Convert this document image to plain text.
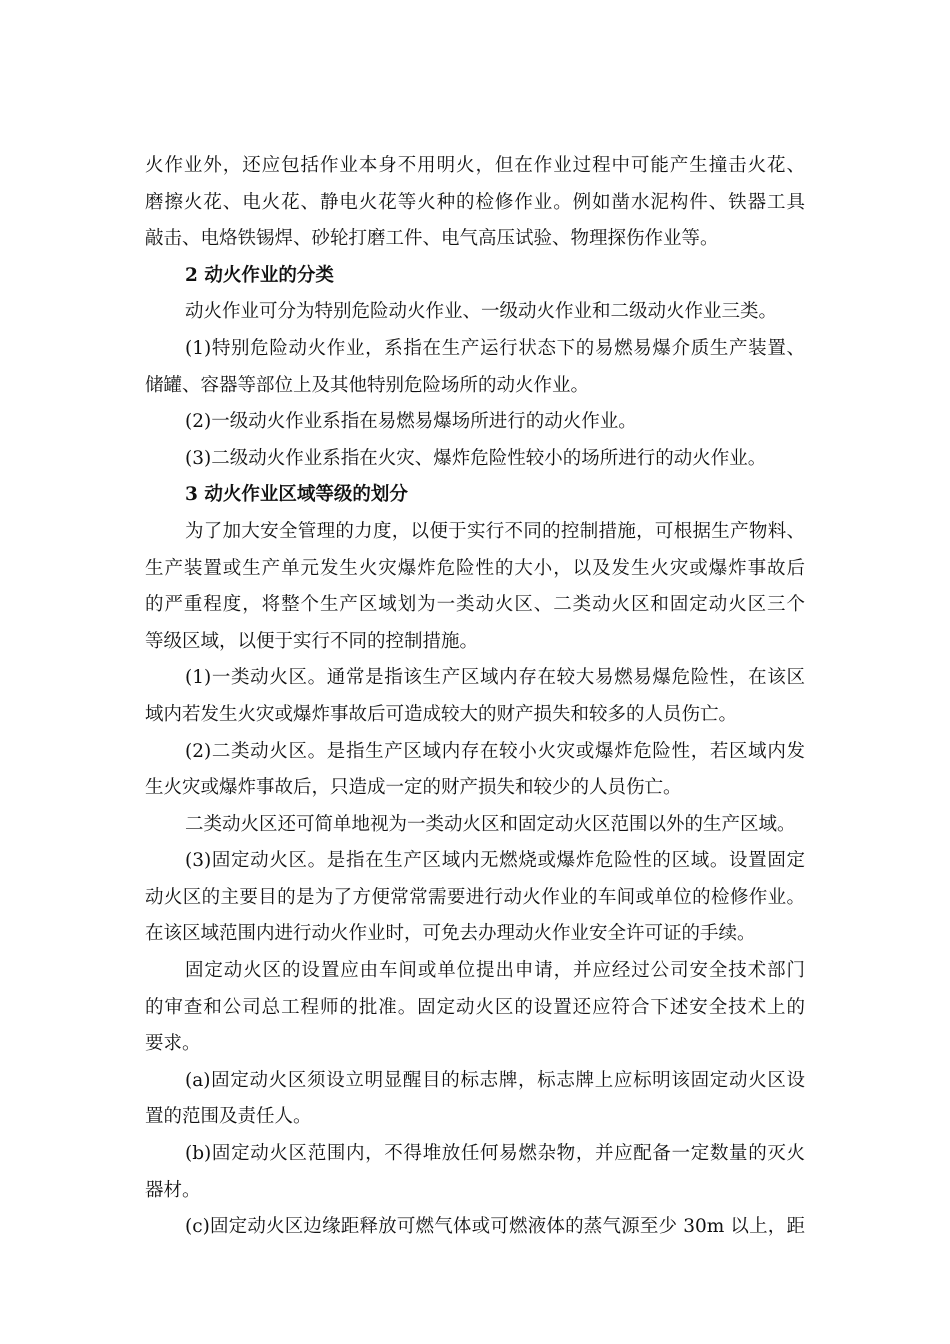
火作业外，还应包括作业本身不用明火，但在作业过程中可能产生撞击火花、
磨擦火花、电火花、静电火花等火种的检修作业。例如凿水泥构件、铁器工具
敲击、电烙铁锡焊、砂轮打磨工件、电气高压试验、物理探伤作业等。
2 动火作业的分类
动火作业可分为特别危险动火作业、一级动火作业和二级动火作业三类。
(1)特别危险动火作业，系指在生产运行状态下的易燃易爆介质生产装置、
储罐、容器等部位上及其他特别危险场所的动火作业。
(2)一级动火作业系指在易燃易爆场所进行的动火作业。
(3)二级动火作业系指在火灾、爆炸危险性较小的场所进行的动火作业。
3 动火作业区域等级的划分
为了加大安全管理的力度，以便于实行不同的控制措施，可根据生产物料、
生产装置或生产单元发生火灾爆炸危险性的大小，以及发生火灾或爆炸事故后
的严重程度，将整个生产区域划为一类动火区、二类动火区和固定动火区三个
等级区域，以便于实行不同的控制措施。
(1)一类动火区。通常是指该生产区域内存在较大易燃易爆危险性，在该区
域内若发生火灾或爆炸事故后可造成较大的财产损失和较多的人员伤亡。
(2)二类动火区。是指生产区域内存在较小火灾或爆炸危险性，若区域内发
生火灾或爆炸事故后，只造成一定的财产损失和较少的人员伤亡。
二类动火区还可简单地视为一类动火区和固定动火区范围以外的生产区域。
(3)固定动火区。是指在生产区域内无燃烧或爆炸危险性的区域。设置固定
动火区的主要目的是为了方便常常需要进行动火作业的车间或单位的检修作业。
在该区域范围内进行动火作业时，可免去办理动火作业安全许可证的手续。
固定动火区的设置应由车间或单位提出申请，并应经过公司安全技术部门
的审查和公司总工程师的批准。固定动火区的设置还应符合下述安全技术上的
要求。
(a)固定动火区须设立明显醒目的标志牌，标志牌上应标明该固定动火区设
置的范围及责任人。
(b)固定动火区范围内，不得堆放任何易燃杂物，并应配备一定数量的灭火
器材。
(c)固定动火区边缘距释放可燃气体或可燃液体的蒸气源至少 30m 以上，距
